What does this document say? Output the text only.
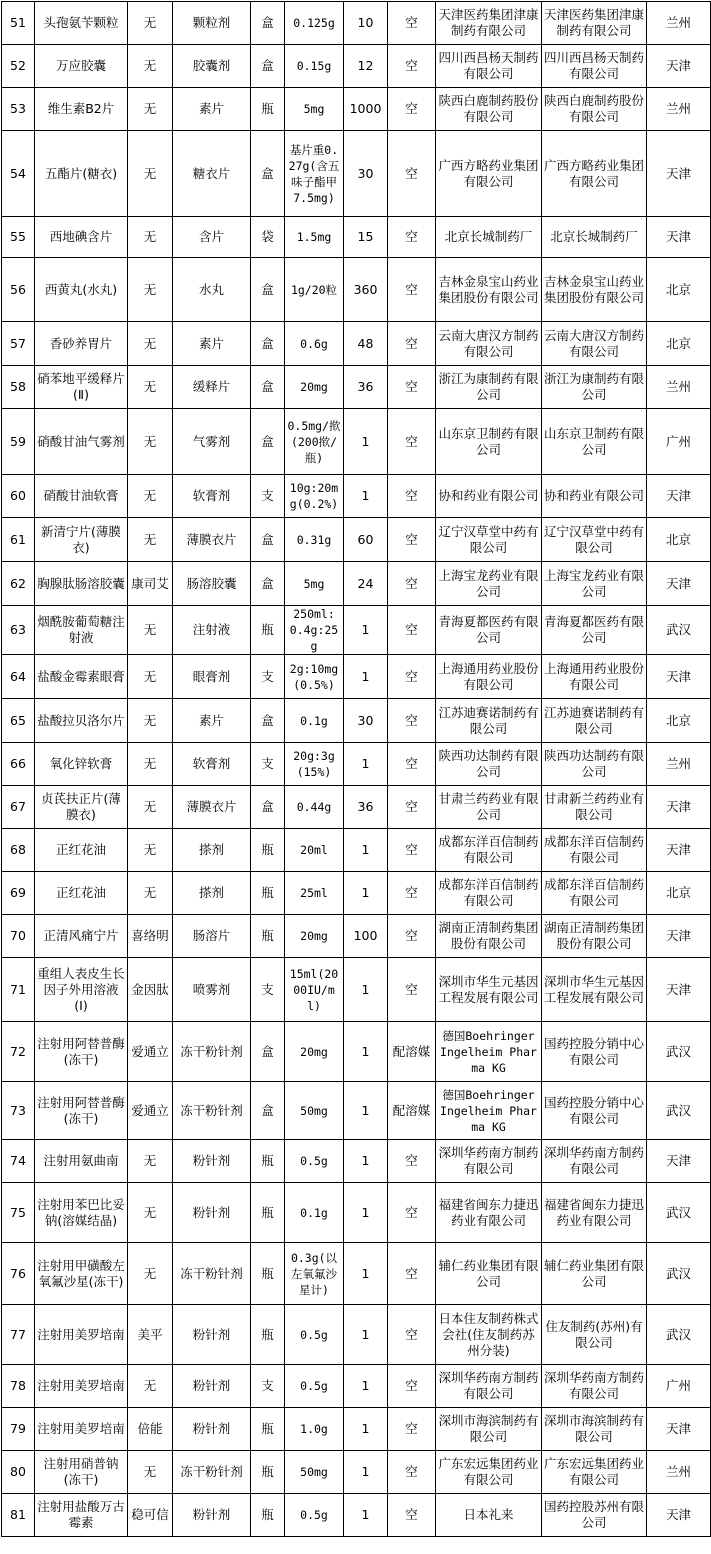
51	头孢氨苄颗粒	无	颗粒剂	盒	0.125g	10	空	天津医药集团津康制药有限公司	天津医药集团津康制药有限公司	兰州
52	万应胶囊	无	胶囊剂	盒	0.15g	12	空	四川西昌杨天制药有限公司	四川西昌杨天制药有限公司	天津
53	维生素B2片	无	素片	瓶	5mg	1000	空	陕西白鹿制药股份有限公司	陕西白鹿制药股份有限公司	兰州
54	五酯片(糖衣)	无	糖衣片	盒	基片重0.27g(含五味子酯甲7.5mg)	30	空	广西方略药业集团有限公司	广西方略药业集团有限公司	天津
55	西地碘含片	无	含片	袋	1.5mg	15	空	北京长城制药厂	北京长城制药厂	天津
56	西黄丸(水丸)	无	水丸	盒	1g/20粒	360	空	吉林金泉宝山药业集团股份有限公司	吉林金泉宝山药业集团股份有限公司	北京
57	香砂养胃片	无	素片	盒	0.6g	48	空	云南大唐汉方制药有限公司	云南大唐汉方制药有限公司	北京
58	硝苯地平缓释片(Ⅱ)	无	缓释片	盒	20mg	36	空	浙江为康制药有限公司	浙江为康制药有限公司	兰州
59	硝酸甘油气雾剂	无	气雾剂	盒	0.5mg/揿(200揿/瓶)	1	空	山东京卫制药有限公司	山东京卫制药有限公司	广州
60	硝酸甘油软膏	无	软膏剂	支	10g:20mg(0.2%)	1	空	协和药业有限公司	协和药业有限公司	天津
61	新清宁片(薄膜衣)	无	薄膜衣片	盒	0.31g	60	空	辽宁汉草堂中药有限公司	辽宁汉草堂中药有限公司	北京
62	胸腺肽肠溶胶囊	康司艾	肠溶胶囊	盒	5mg	24	空	上海宝龙药业有限公司	上海宝龙药业有限公司	天津
63	烟酰胺葡萄糖注射液	无	注射液	瓶	250ml:0.4g:25g	1	空	青海夏都医药有限公司	青海夏都医药有限公司	武汉
64	盐酸金霉素眼膏	无	眼膏剂	支	2g:10mg(0.5%)	1	空	上海通用药业股份有限公司	上海通用药业股份有限公司	天津
65	盐酸拉贝洛尔片	无	素片	盒	0.1g	30	空	江苏迪赛诺制药有限公司	江苏迪赛诺制药有限公司	北京
66	氧化锌软膏	无	软膏剂	支	20g:3g(15%)	1	空	陕西功达制药有限公司	陕西功达制药有限公司	兰州
67	贞芪扶正片(薄膜衣)	无	薄膜衣片	盒	0.44g	36	空	甘肃兰药药业有限公司	甘肃新兰药药业有限公司	天津
68	正红花油	无	搽剂	瓶	20ml	1	空	成都东洋百信制药有限公司	成都东洋百信制药有限公司	天津
69	正红花油	无	搽剂	瓶	25ml	1	空	成都东洋百信制药有限公司	成都东洋百信制药有限公司	北京
70	正清风痛宁片	喜络明	肠溶片	瓶	20mg	100	空	湖南正清制药集团股份有限公司	湖南正清制药集团股份有限公司	天津
71	重组人表皮生长因子外用溶液(Ⅰ)	金因肽	喷雾剂	支	15ml(2000IU/ml)	1	空	深圳市华生元基因工程发展有限公司	深圳市华生元基因工程发展有限公司	天津
72	注射用阿替普酶(冻干)	爱通立	冻干粉针剂	盒	20mg	1	配溶媒	德国Boehringer Ingelheim Pharma KG	国药控股分销中心有限公司	武汉
73	注射用阿替普酶(冻干)	爱通立	冻干粉针剂	盒	50mg	1	配溶媒	德国Boehringer Ingelheim Pharma KG	国药控股分销中心有限公司	武汉
74	注射用氨曲南	无	粉针剂	瓶	0.5g	1	空	深圳华药南方制药有限公司	深圳华药南方制药有限公司	天津
75	注射用苯巴比妥钠(溶媒结晶)	无	粉针剂	瓶	0.1g	1	空	福建省闽东力捷迅药业有限公司	福建省闽东力捷迅药业有限公司	武汉
76	注射用甲磺酸左氧氟沙星(冻干)	无	冻干粉针剂	瓶	0.3g(以左氧氟沙星计)	1	空	辅仁药业集团有限公司	辅仁药业集团有限公司	武汉
77	注射用美罗培南	美平	粉针剂	瓶	0.5g	1	空	日本住友制药株式会社(住友制药苏州分装)	住友制药(苏州)有限公司	武汉
78	注射用美罗培南	无	粉针剂	支	0.5g	1	空	深圳华药南方制药有限公司	深圳华药南方制药有限公司	广州
79	注射用美罗培南	倍能	粉针剂	瓶	1.0g	1	空	深圳市海滨制药有限公司	深圳市海滨制药有限公司	天津
80	注射用硝普钠(冻干)	无	冻干粉针剂	瓶	50mg	1	空	广东宏远集团药业有限公司	广东宏远集团药业有限公司	兰州
81	注射用盐酸万古霉素	稳可信	粉针剂	瓶	0.5g	1	空	日本礼来	国药控股苏州有限公司	天津
